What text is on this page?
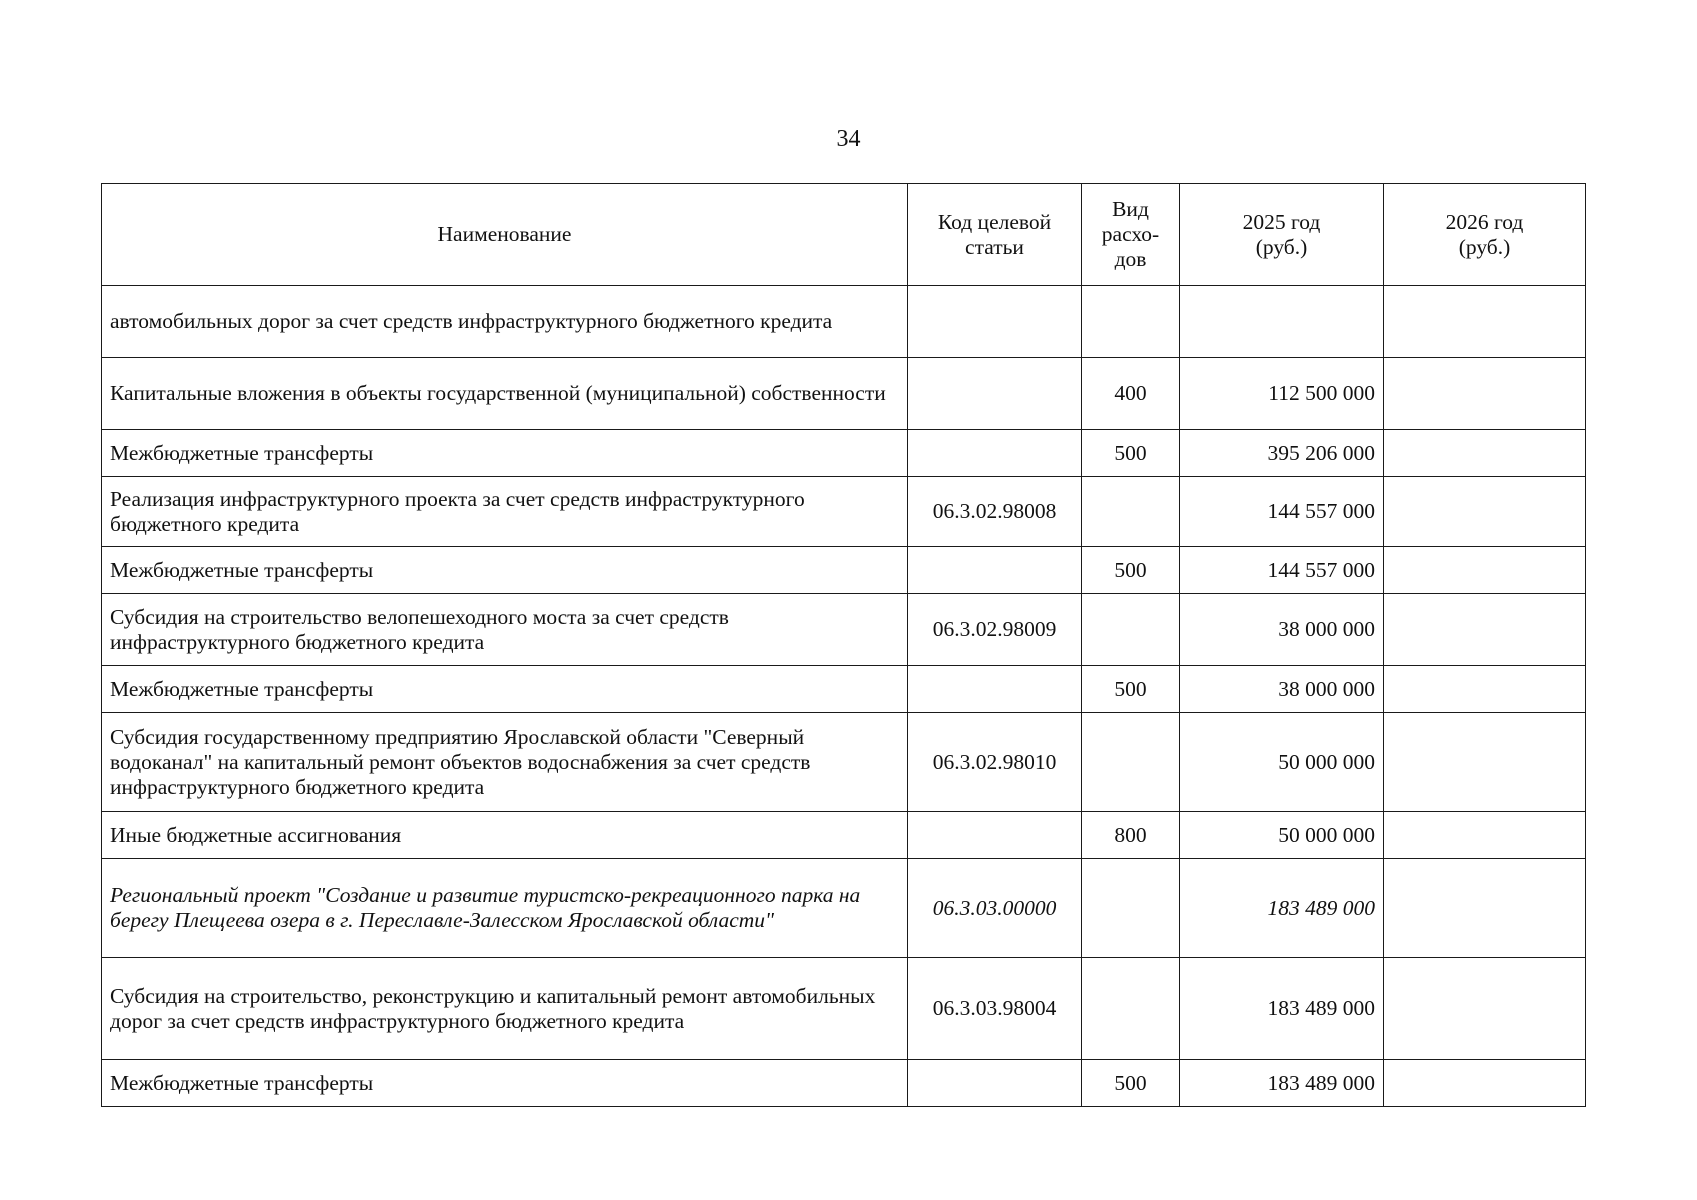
34
Наименование	Код целевой статьи	Вид расхо-дов	2025 год (руб.)	2026 год (руб.)
автомобильных дорог за счет средств инфраструктурного бюджетного кредита				
Капитальные вложения в объекты государственной (муниципальной) собственности		400	112 500 000	
Межбюджетные трансферты		500	395 206 000	
Реализация инфраструктурного проекта за счет средств инфраструктурного бюджетного кредита	06.3.02.98008		144 557 000	
Межбюджетные трансферты		500	144 557 000	
Субсидия на строительство велопешеходного моста за счет средств инфраструктурного бюджетного кредита	06.3.02.98009		38 000 000	
Межбюджетные трансферты		500	38 000 000	
Субсидия государственному предприятию Ярославской области "Северный водоканал" на капитальный ремонт объектов водоснабжения за счет средств инфраструктурного бюджетного кредита	06.3.02.98010		50 000 000	
Иные бюджетные ассигнования		800	50 000 000	
Региональный проект "Создание и развитие туристско-рекреационного парка на берегу Плещеева озера в г. Переславле-Залесском Ярославской области"	06.3.03.00000		183 489 000	
Субсидия на строительство, реконструкцию и капитальный ремонт автомобильных дорог за счет средств инфраструктурного бюджетного кредита	06.3.03.98004		183 489 000	
Межбюджетные трансферты		500	183 489 000	
